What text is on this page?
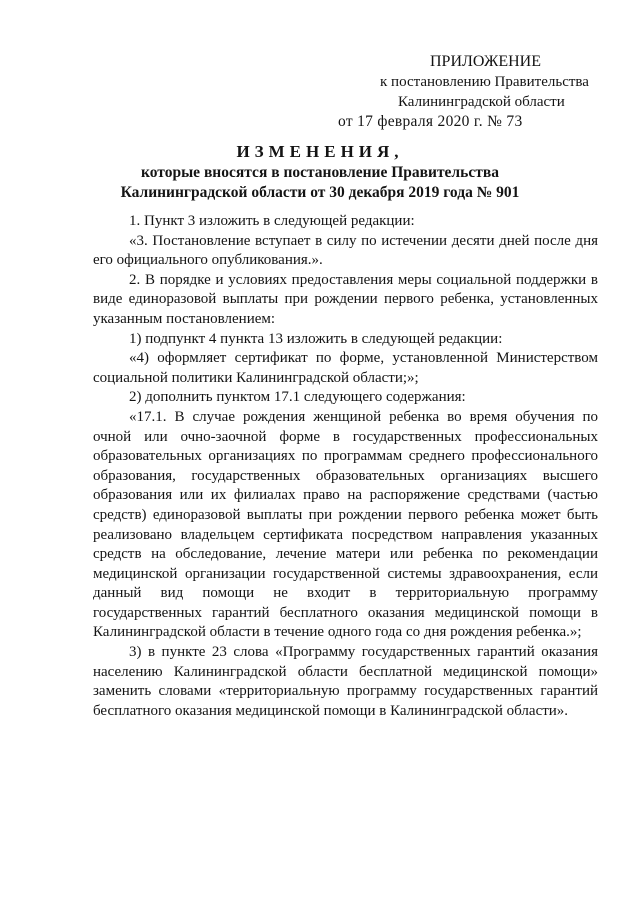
ПРИЛОЖЕНИЕ
к постановлению Правительства
Калининградской области
от 17 февраля 2020 г. № 73
ИЗМЕНЕНИЯ,
которые вносятся в постановление Правительства
Калининградской области от 30 декабря 2019 года № 901

1. Пункт 3 изложить в следующей редакции:

«3. Постановление вступает в силу по истечении десяти дней после дня его официального опубликования.».

2. В порядке и условиях предоставления меры социальной поддержки в виде единоразовой выплаты при рождении первого ребенка, установленных указанным постановлением:

1) подпункт 4 пункта 13 изложить в следующей редакции:

«4) оформляет сертификат по форме, установленной Министерством социальной политики Калининградской области;»;

2) дополнить пунктом 17.1 следующего содержания:

«17.1. В случае рождения женщиной ребенка во время обучения по очной или очно-заочной форме в государственных профессиональных образовательных организациях по программам среднего профессионального образования, государственных образовательных организациях высшего образования или их филиалах право на распоряжение средствами (частью средств) единоразовой выплаты при рождении первого ребенка может быть реализовано владельцем сертификата посредством направления указанных средств на обследование, лечение матери или ребенка по рекомендации медицинской организации государственной системы здравоохранения, если данный вид помощи не входит в территориальную программу государственных гарантий бесплатного оказания медицинской помощи в Калининградской области в течение одного года со дня рождения ребенка.»;

3) в пункте 23 слова «Программу государственных гарантий оказания населению Калининградской области бесплатной медицинской помощи» заменить словами «территориальную программу государственных гарантий бесплатного оказания медицинской помощи в Калининградской области».
